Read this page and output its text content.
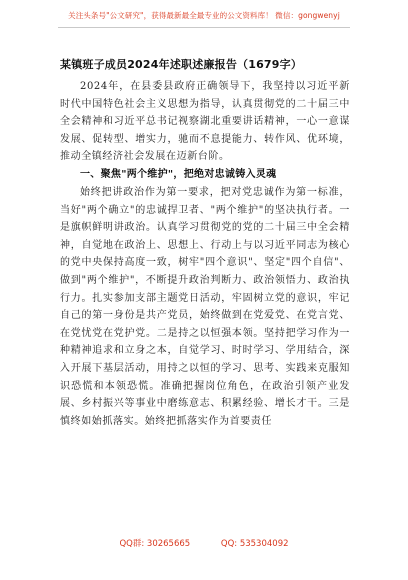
关注头条号"公文研究"，获得最新最全最专业的公文资料库！ 微信：gongwenyj
某镇班子成员2024年述职述廉报告（1679字）

2024年，在县委县政府正确领导下，我坚持以习近平新时代中国特色社会主义思想为指导，认真贯彻党的二十届三中全会精神和习近平总书记视察湖北重要讲话精神，一心一意谋发展、促转型、增实力，驰而不息提能力、转作风、优环境，推动全镇经济社会发展在迈新台阶。

一、聚焦"两个维护"，把绝对忠诚铸入灵魂

始终把讲政治作为第一要求，把对党忠诚作为第一标准，当好"两个确立"的忠诚捍卫者、"两个维护"的坚决执行者。一是旗帜鲜明讲政治。认真学习贯彻党的党的二十届三中全会精神，自觉地在政治上、思想上、行动上与以习近平同志为核心的党中央保持高度一致，树牢"四个意识"、坚定"四个自信"、做到"两个维护"，不断提升政治判断力、政治领悟力、政治执行力。扎实参加支部主题党日活动，牢固树立党的意识，牢记自己的第一身份是共产党员，始终做到在党爱党、在党言党、在党忧党在党护党。二是持之以恒强本领。坚持把学习作为一种精神追求和立身之本，自觉学习、时时学习、学用结合，深入开展下基层活动，用持之以恒的学习、思考、实践来克服知识恐慌和本领恐慌。准确把握岗位角色，在政治引领产业发展、乡村振兴等事业中磨练意志、积累经验、增长才干。三是慎终如始抓落实。始终把抓落实作为首要责任

QQ群: 30265665	QQ: 535304092
